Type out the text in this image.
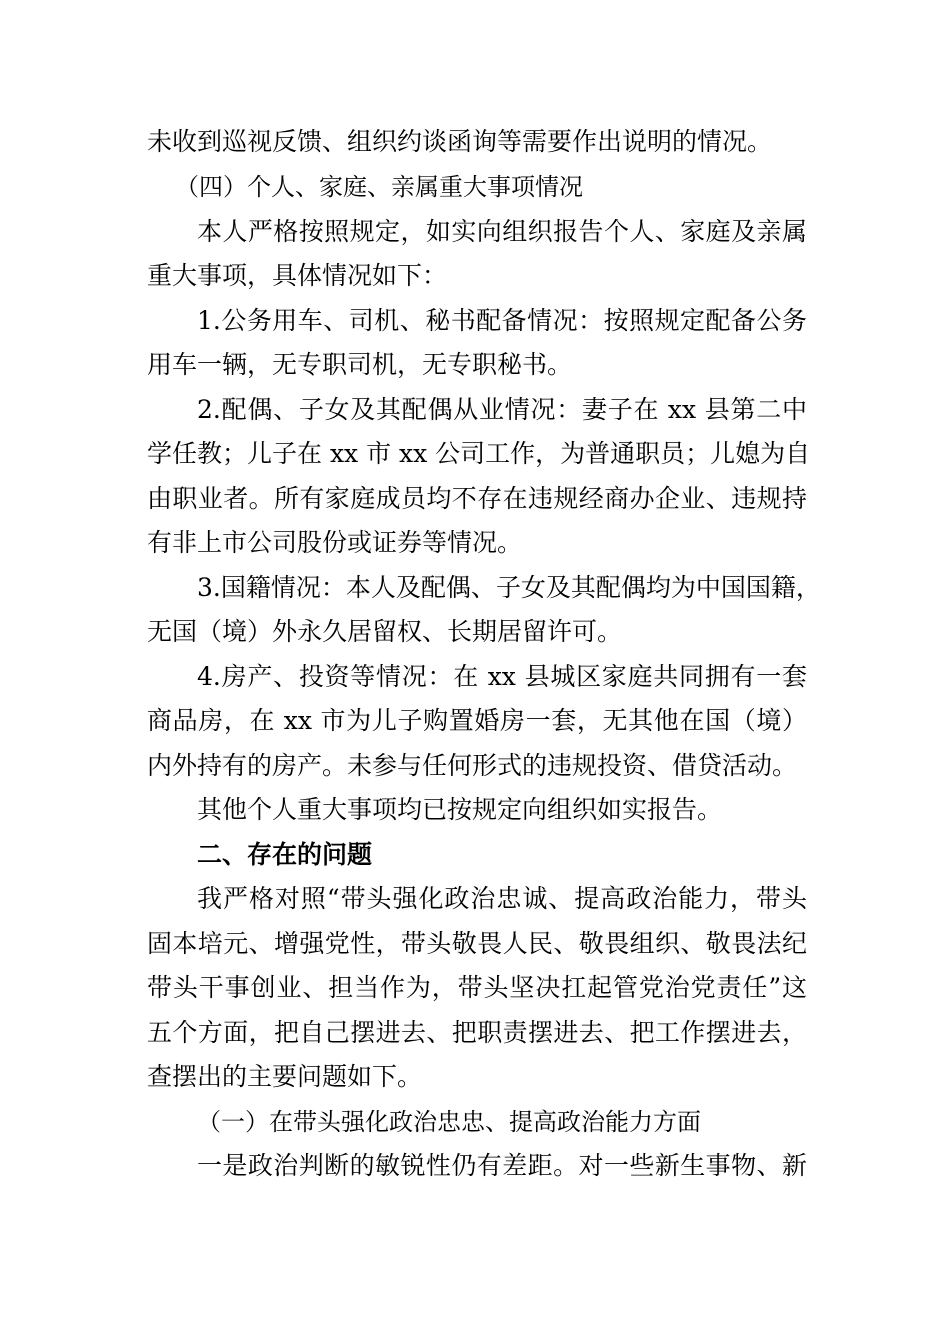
未收到巡视反馈、组织约谈函询等需要作出说明的情况。
（四）个人、家庭、亲属重大事项情况
本人严格按照规定，如实向组织报告个人、家庭及亲属
重大事项，具体情况如下：
1.公务用车、司机、秘书配备情况：按照规定配备公务
用车一辆，无专职司机，无专职秘书。
2.配偶、子女及其配偶从业情况：妻子在 xx 县第二中
学任教；儿子在 xx 市 xx 公司工作，为普通职员；儿媳为自
由职业者。所有家庭成员均不存在违规经商办企业、违规持
有非上市公司股份或证券等情况。
3.国籍情况：本人及配偶、子女及其配偶均为中国国籍，
无国（境）外永久居留权、长期居留许可。
4.房产、投资等情况：在 xx 县城区家庭共同拥有一套
商品房，在 xx 市为儿子购置婚房一套，无其他在国（境）
内外持有的房产。未参与任何形式的违规投资、借贷活动。
其他个人重大事项均已按规定向组织如实报告。
二、存在的问题
我严格对照“带头强化政治忠诚、提高政治能力，带头
固本培元、增强党性，带头敬畏人民、敬畏组织、敬畏法纪
带头干事创业、担当作为，带头坚决扛起管党治党责任”这
五个方面，把自己摆进去、把职责摆进去、把工作摆进去，
查摆出的主要问题如下。
（一）在带头强化政治忠忠、提高政治能力方面
一是政治判断的敏锐性仍有差距。对一些新生事物、新
